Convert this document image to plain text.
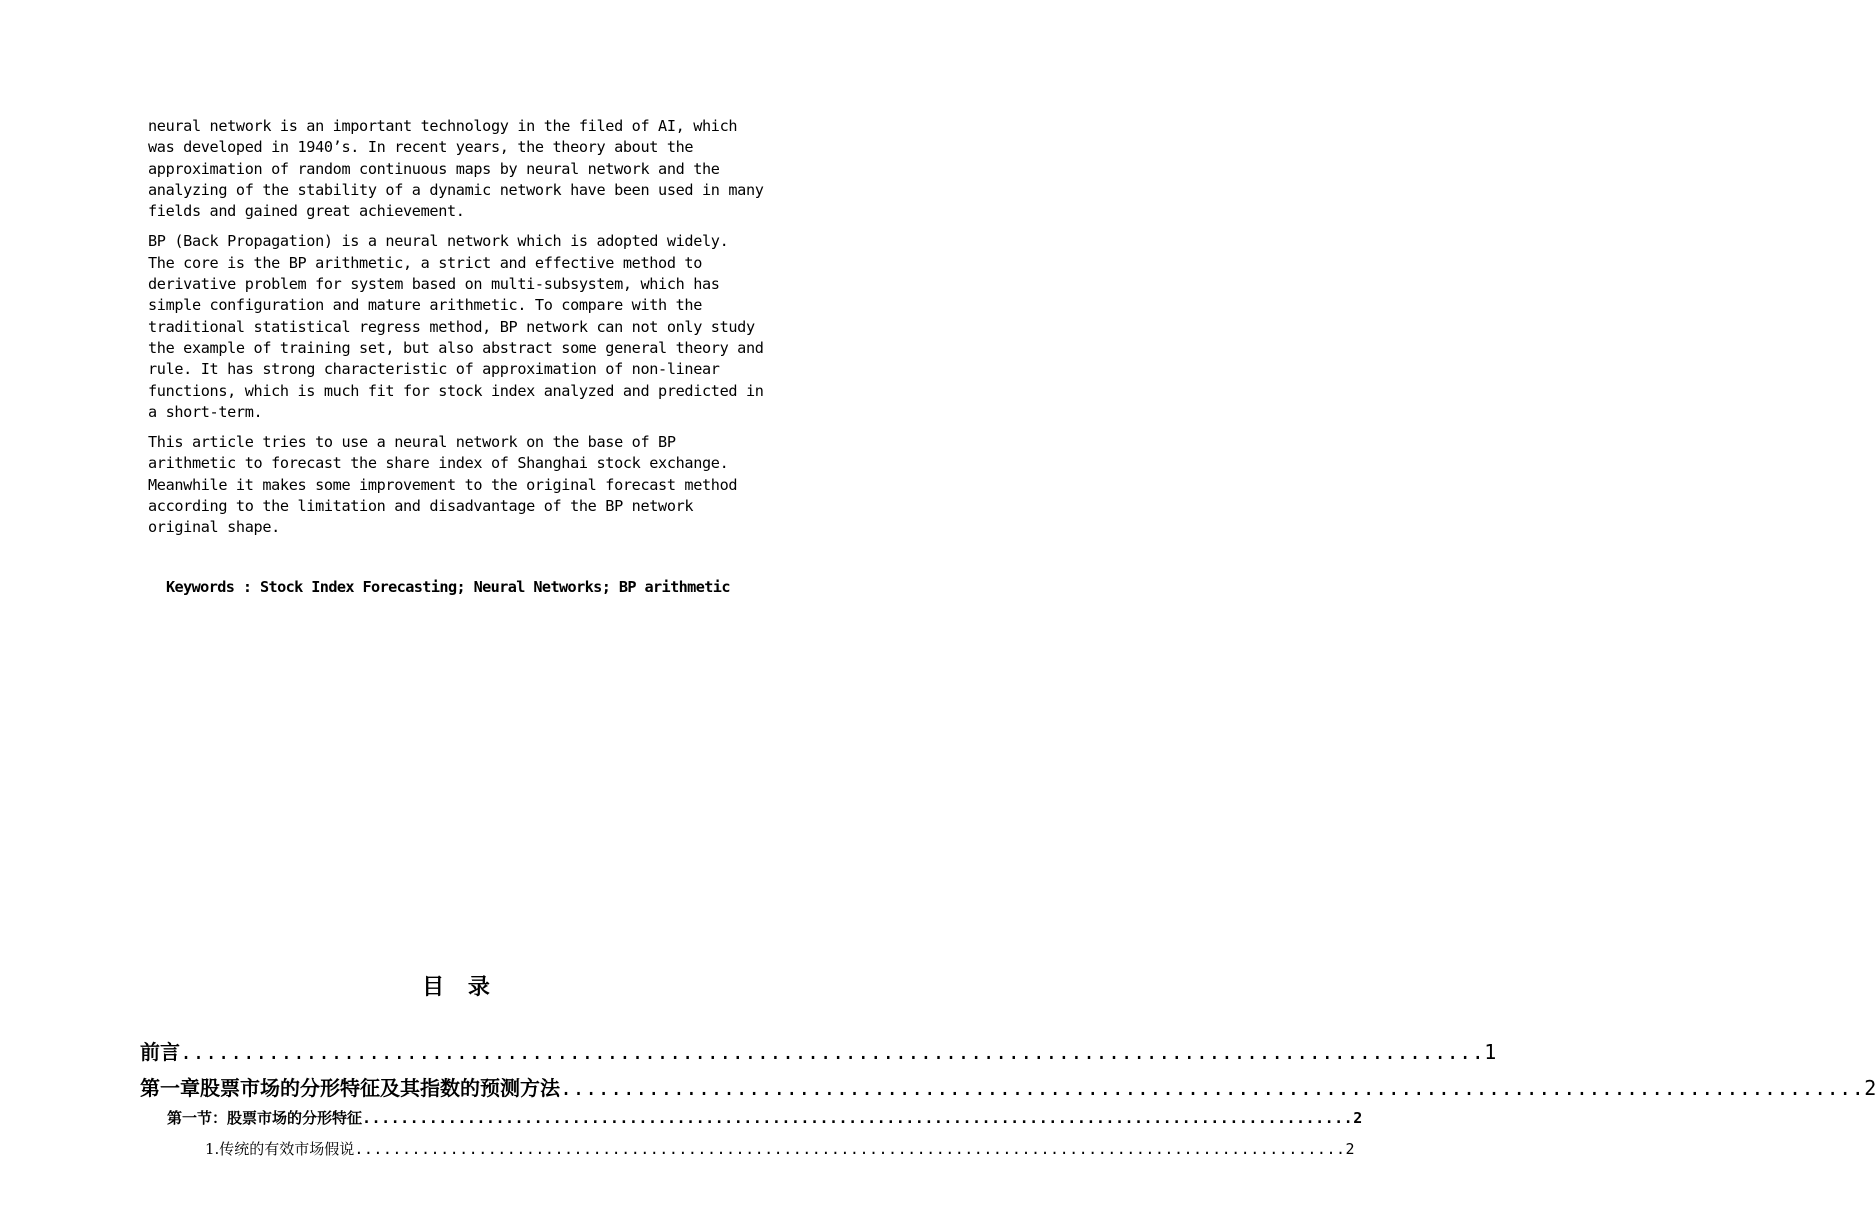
neural network is an important technology in the filed of AI, which
was developed in 1940’s. In recent years, the theory about the
approximation of random continuous maps by neural network and the
analyzing of the stability of a dynamic network have been used in many
fields and gained great achievement.

BP (Back Propagation) is a neural network which is adopted widely.
The core is the BP arithmetic, a strict and effective method to
derivative problem for system based on multi-subsystem, which has
simple configuration and mature arithmetic. To compare with the
traditional statistical regress method, BP network can not only study
the example of training set, but also abstract some general theory and
rule. It has strong characteristic of approximation of non-linear
functions, which is much fit for stock index analyzed and predicted in
a short-term.

This article tries to use a neural network on the base of BP
arithmetic to forecast the share index of Shanghai stock exchange.
Meanwhile it makes some improvement to the original forecast method
according to the limitation and disadvantage of the BP network
original shape.

Keywords : Stock Index Forecasting; Neural Networks; BP arithmetic
目 录
前言 ........................................................................................................ 1
第一章股票市场的分形特征及其指数的预测方法 ........................................................................................................ 2
第一节：股票市场的分形特征 ........................................................................................................ 2
1.传统的有效市场假说 ........................................................................................................ 2
